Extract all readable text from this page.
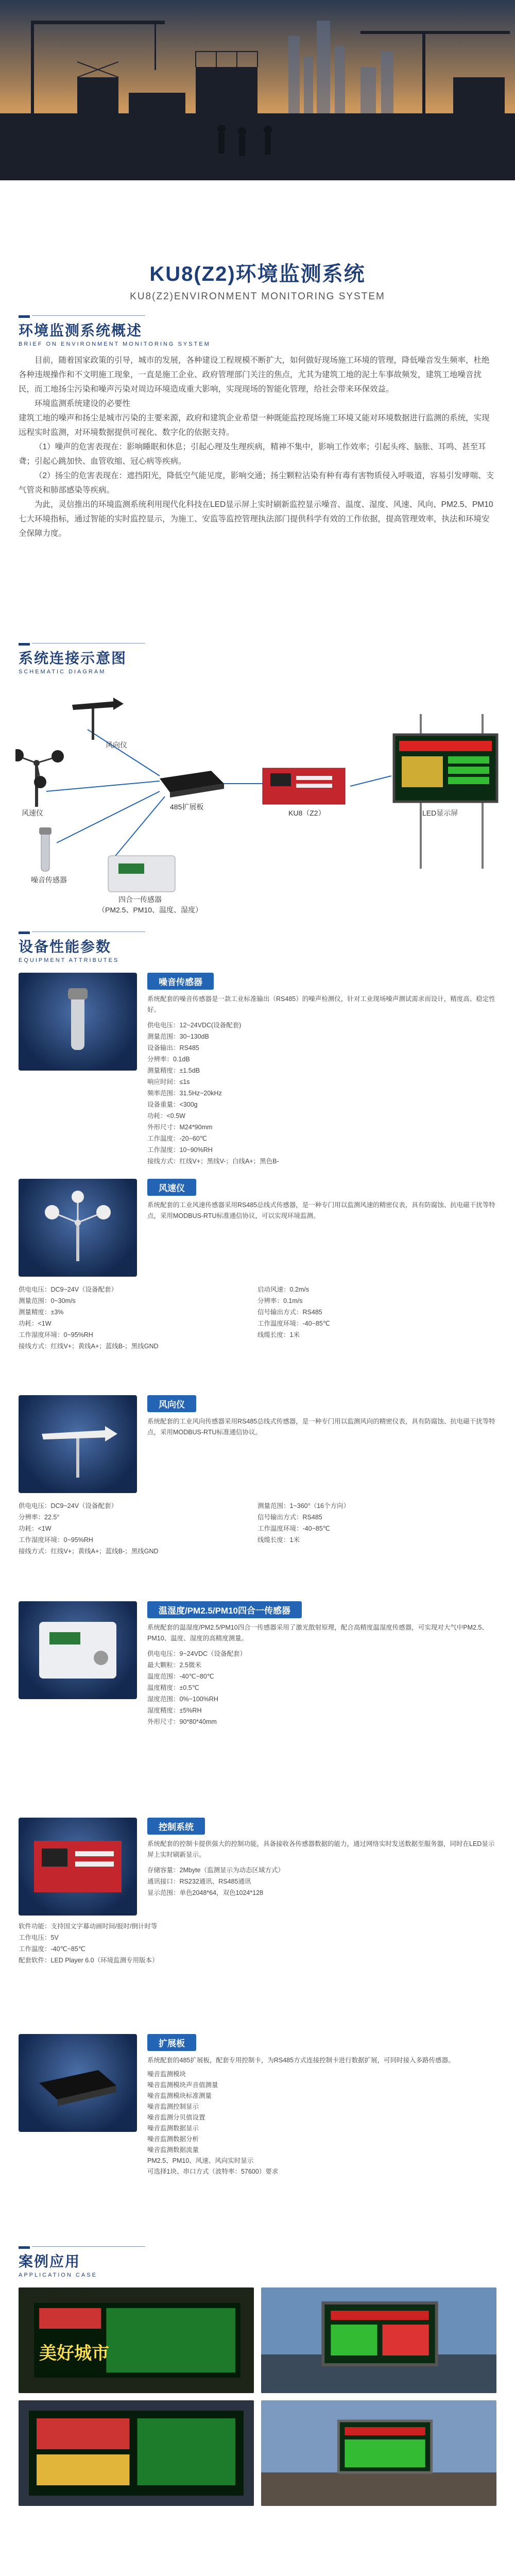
KU8(Z2)环境监测系统
KU8(Z2)ENVIRONMENT MONITORING SYSTEM
环境监测系统概述
BRIEF ON ENVIRONMENT MONITORING SYSTEM

目前，随着国家政策的引导，城市的发展，各种建设工程规模不断扩大，如何做好现场施工环境的管理，降低噪音发生频率，杜绝各种违规操作和不文明施工现象，一直是施工企业、政府管理部门关注的焦点，尤其为建筑工地的泥土车事故频发，建筑工地噪音扰民，而工地扬尘污染和噪声污染对周边环境造成重大影响，实现现场的智能化管理，给社会带来环保效益。

环境监测系统建设的必要性

建筑工地的噪声和扬尘是城市污染的主要来源，政府和建筑企业希望一种既能监控现场施工环境又能对环境数据进行监测的系统，实现远程实时监测，对环境数据提供可视化、数字化的依据支持。

（1）噪声的危害表现在：影响睡眠和休息；引起心理及生理疾病，精神不集中，影响工作效率；引起头疼、脑胀、耳鸣、甚至耳聋；引起心跳加快、血管收缩、冠心病等疾病。

（2）扬尘的危害表现在：遮挡阳光，降低空气能见度，影响交通；扬尘颗粒沾染有种有毒有害物质侵入呼吸道，容易引发哮喘、支气管炎和肺部感染等疾病。

为此，灵信推出的环境监测系统利用现代化科技在LED显示屏上实时刷新监控显示噪音、温度、湿度、风速、风向、PM2.5、PM10七大环境指标，通过智能的实时监控显示，为施工、安监等监控管理执法部门提供科学有效的工作依据，提高管理效率，执法和环境安全保障力度。

系统连接示意图
SCHEMATIC DIAGRAM
风向仪
风速仪
噪音传感器
485扩展板
KU8（Z2）	LED显示屏
四合一传感器
（PM2.5、PM10、温度、湿度）
设备性能参数
EQUIPMENT ATTRIBUTES
噪音传感器

系统配套的噪音传感器是一款工业标准输出（RS485）的噪声检测仪，针对工业现场噪声测试需求而设计，精度高、稳定性好。

供电电压：12~24VDC(设备配套)
测量范围：30~130dB
设备输出：RS485
分辨率：0.1dB
测量精度：±1.5dB
响应时间：≤1s
频率范围：31.5Hz~20kHz
设备重量：<300g
功耗：<0.5W
外形尺寸：M24*90mm
工作温度：-20~60℃
工作湿度：10~90%RH
接线方式：红线V+；黑线V-；白线A+；黑色B-
风速仪

系统配套的工业风速传感器采用RS485总线式传感器，是一种专门用以监测风速的精密仪表，具有防腐蚀、抗电磁干扰等特点，采用MODBUS-RTU标准通信协议，可以实现环境监测。

供电电压：DC9~24V（设备配套）	启动风速：0.2m/s
测量范围：0~30m/s	分辨率：0.1m/s
测量精度：±3%	信号输出方式：RS485
功耗：<1W	工作温度环境：-40~85℃
工作湿度环境：0~95%RH	线缆长度：1米
接线方式：红线V+；黄线A+；蓝线B-；黑线GND
风向仪

系统配套的工业风向传感器采用RS485总线式传感器，是一种专门用以监测风向的精密仪表，具有防腐蚀、抗电磁干扰等特点，采用MODBUS-RTU标准通信协议。

供电电压：DC9~24V（设备配套）	测量范围：1~360°（16个方向）
分辨率：22.5°	信号输出方式：RS485
功耗：<1W	工作温度环境：-40~85℃
工作湿度环境：0~95%RH	线缆长度：1米
接线方式：红线V+；黄线A+；蓝线B-；黑线GND
温湿度/PM2.5/PM10四合一传感器

系统配套的温湿度/PM2.5/PM10四合一传感器采用了激光散射原理，配合高精度温湿度传感器，可实现对大气中PM2.5、PM10、温度、湿度的高精度测量。

供电电压：9~24VDC（设备配套）
最大颗粒：2.5微米
温度范围：-40℃~80℃
温度精度：±0.5℃
湿度范围：0%~100%RH
湿度精度：±5%RH
外形尺寸：90*80*40mm
控制系统

系统配套的控制卡提供强大的控制功能，具备接收各传感器数据的能力，通过网络实时发送数据至服务器，同时在LED显示屏上实时刷新显示。

存储容量：2Mbyte（监测显示为动态区域方式）
通讯接口：RS232通讯、RS485通讯
显示范围：单色2048*64，双色1024*128
软件功能：支持国文字幕动画时间/报时/倒计时等
工作电压：5V
工作温度：-40℃~85℃
配套软件：LED Player 6.0（环境监测专用版本）
扩展板

系统配套的485扩展板，配套专用控制卡，为RS485方式连接控制卡进行数据扩展，可同时接入多路传感器。

噪音监测模块
噪音监测模块声音值测量
噪音监测模块标准测量
噪音监测控制显示
噪音监测分贝值设置
噪音监测数据显示
噪音监测数据分析
噪音监测数据流量
PM2.5、PM10、风速、风向实时显示
可选择1块、串口方式（波特率：57600）要求
案例应用
APPLICATION CASE
美好城市
